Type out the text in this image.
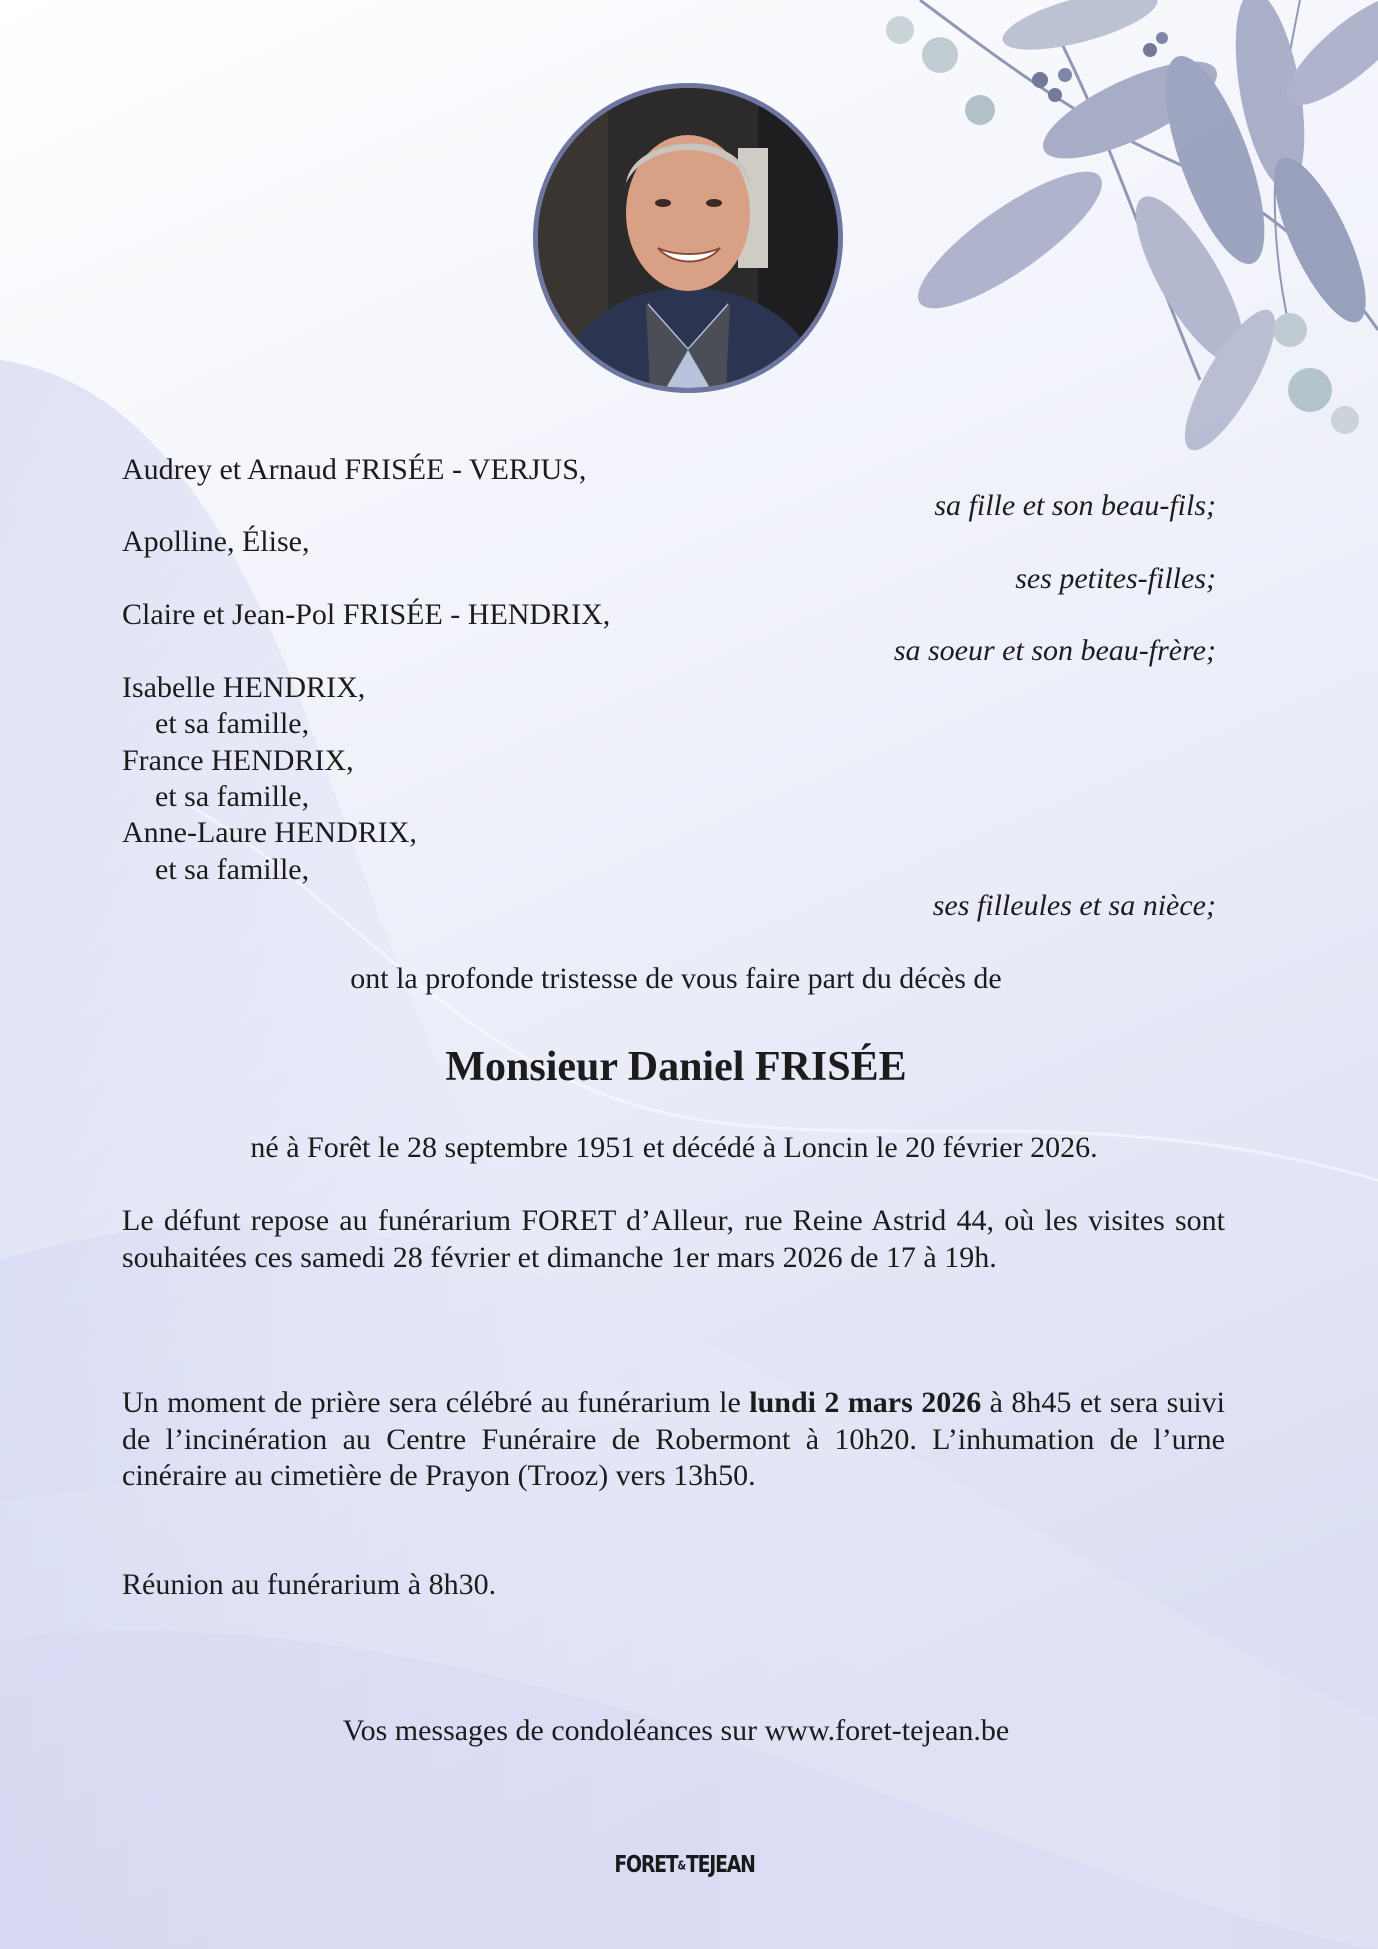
Audrey et Arnaud FRISÉE - VERJUS,
sa fille et son beau-fils;
Apolline, Élise,
ses petites-filles;
Claire et Jean-Pol FRISÉE - HENDRIX,
sa soeur et son beau-frère;
Isabelle HENDRIX,
et sa famille,
France HENDRIX,
et sa famille,
Anne-Laure HENDRIX,
et sa famille,
ses filleules et sa nièce;
ont la profonde tristesse de vous faire part du décès de
Monsieur Daniel FRISÉE
né à Forêt le 28 septembre 1951 et décédé à Loncin le 20 février 2026.
Le défunt repose au funérarium FORET d’Alleur, rue Reine Astrid 44, où les visites sont souhaitées ces samedi 28 février et dimanche 1er mars 2026 de 17 à 19h.
Un moment de prière sera célébré au funérarium le lundi 2 mars 2026 à 8h45 et sera suivi de l’incinération au Centre Funéraire de Robermont à 10h20. L’inhumation de l’urne cinéraire au cimetière de Prayon (Trooz) vers 13h50.
Réunion au funérarium à 8h30.
Vos messages de condoléances sur www.foret-tejean.be
FORET&TEJEAN
